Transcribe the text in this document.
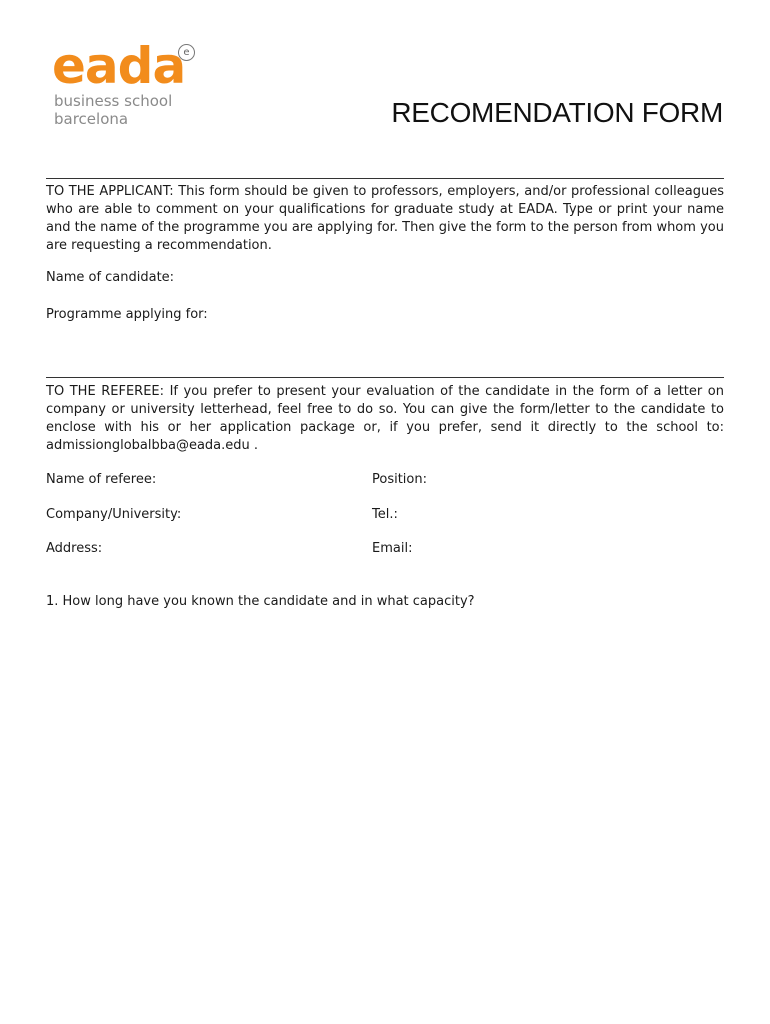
eada
e
business school
barcelona	RECOMENDATION FORM
TO THE APPLICANT: This form should be given to professors, employers, and/or professional colleagues who are able to comment on your qualifications for graduate study at EADA. Type or print your name and the name of the programme you are applying for. Then give the form to the person from whom you are requesting a recommendation.
Name of candidate:
Programme applying for:
TO THE REFEREE: If you prefer to present your evaluation of the candidate in the form of a letter on company or university letterhead, feel free to do so. You can give the form/letter to the candidate to enclose with his or her application package or, if you prefer, send it directly to the school to: admissionglobalbba@eada.edu .
Name of referee:	Position:
Company/University:	Tel.:
Address:	Email:
1. How long have you known the candidate and in what capacity?
